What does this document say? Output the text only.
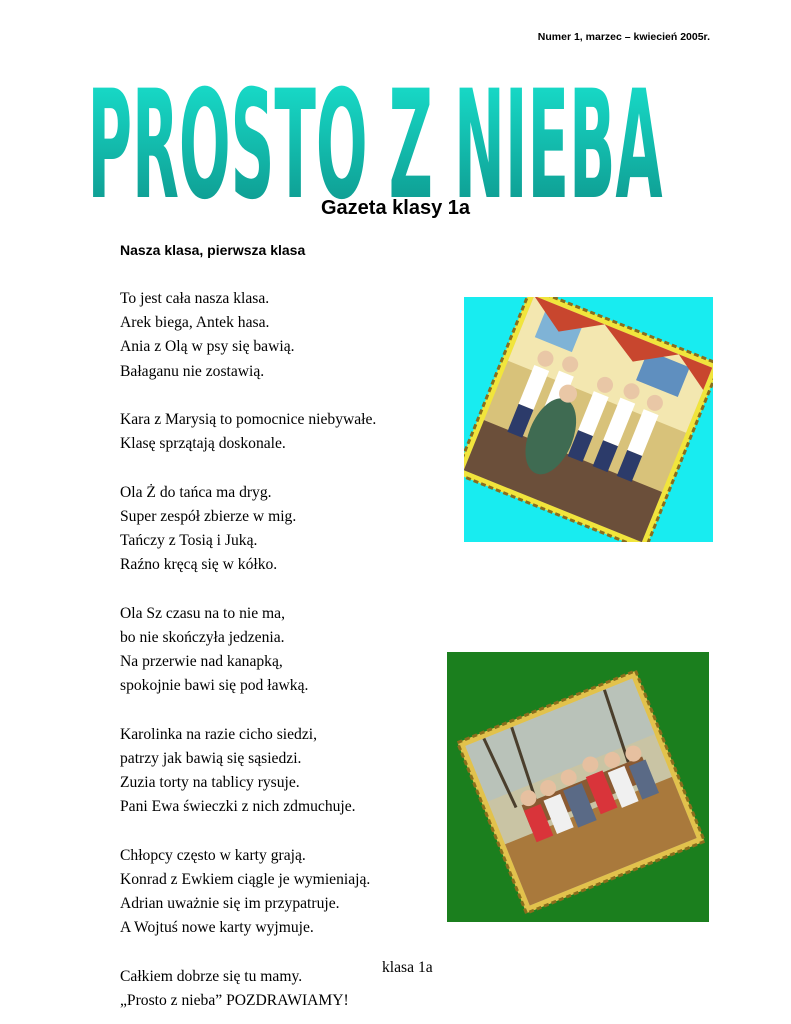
Numer 1, marzec – kwiecień 2005r.
PROSTO Z NIEBA
Gazeta klasy 1a
Nasza klasa, pierwsza klasa
To jest cała nasza klasa.
Arek biega, Antek hasa.
Ania z Olą w psy się bawią.
Bałaganu nie zostawią.
Kara z Marysią to pomocnice niebywałe.
Klasę sprzątają doskonale.
Ola Ż do tańca ma dryg.
Super zespół zbierze w mig.
Tańczy z Tosią i Juką.
Raźno kręcą się w kółko.
Ola Sz czasu na to nie ma,
bo nie skończyła jedzenia.
Na przerwie nad kanapką,
spokojnie bawi się pod ławką.
Karolinka na razie cicho siedzi,
patrzy jak bawią się sąsiedzi.
Zuzia torty na tablicy rysuje.
Pani Ewa świeczki z nich zdmuchuje.
Chłopcy często w karty grają.
Konrad z Ewkiem ciągle je wymieniają.
Adrian uważnie się im przypatruje.
A Wojtuś nowe karty wyjmuje.
Całkiem dobrze się tu mamy.
„Prosto z nieba” POZDRAWIAMY!
klasa 1a
